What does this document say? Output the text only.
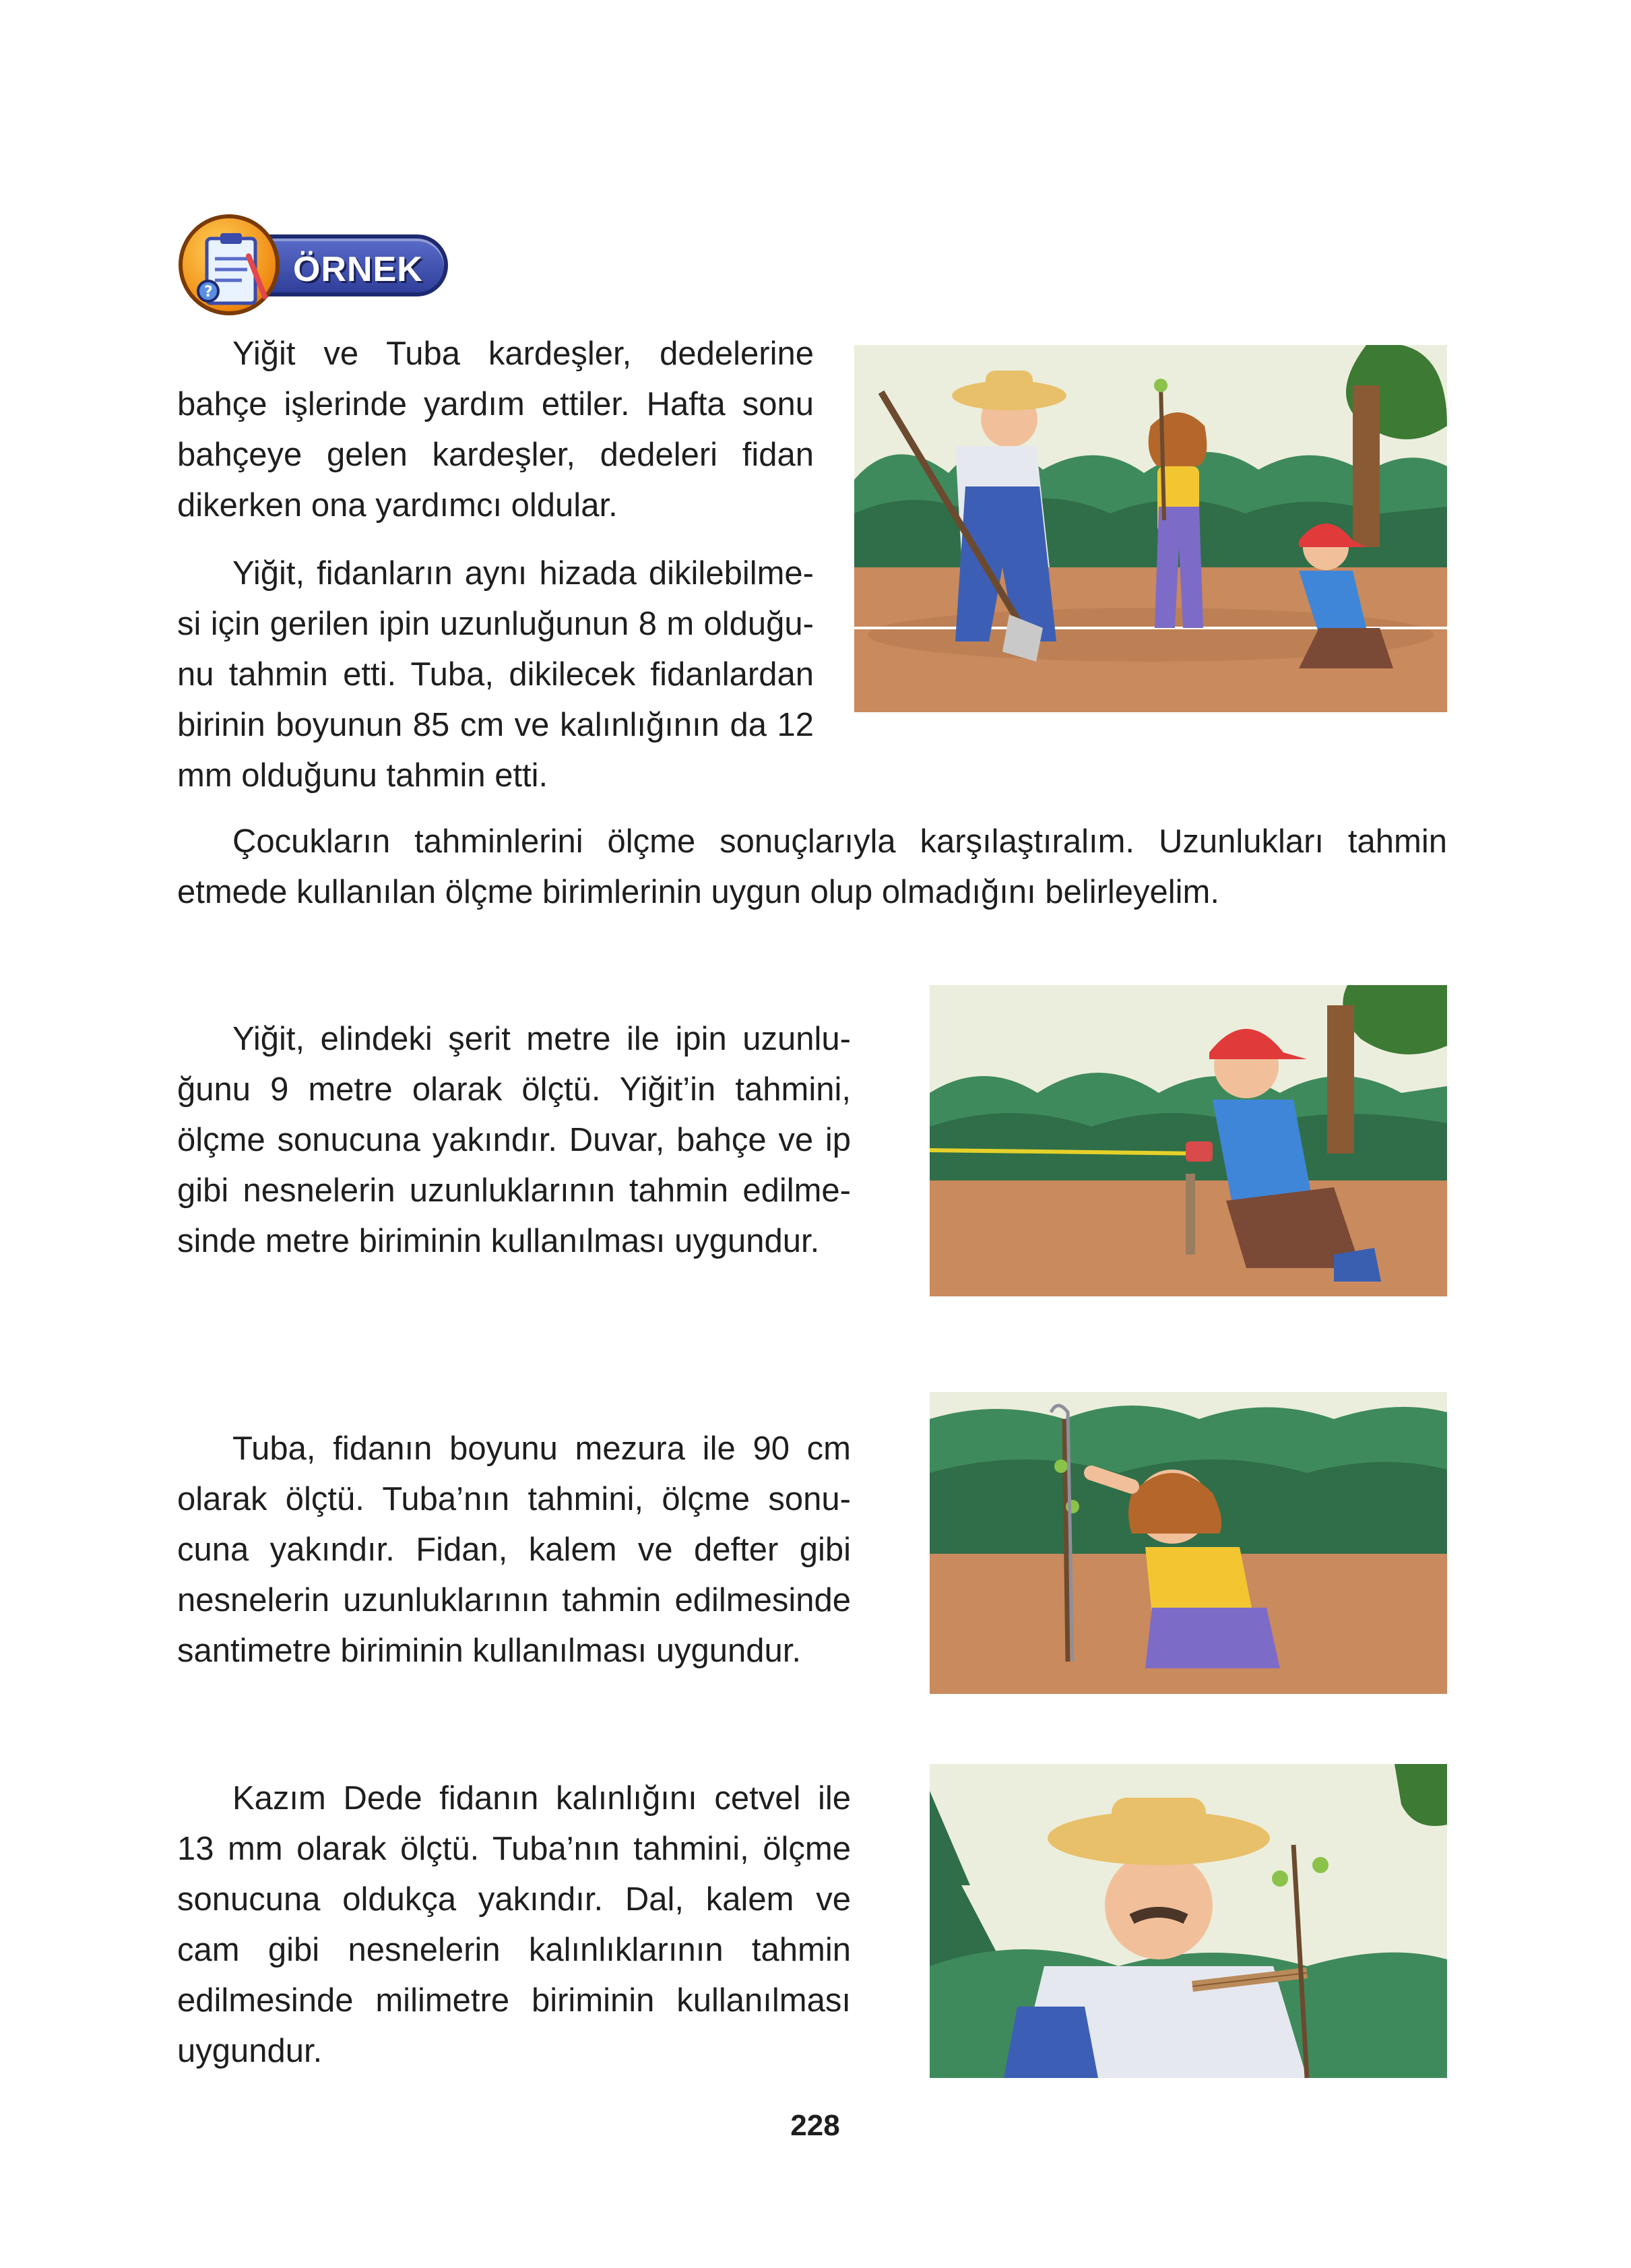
ÖRNEK
?

Yiğit ve Tuba kardeşler, dedelerine bahçe işlerinde yardım ettiler. Hafta sonu bahçeye gelen kardeşler, dedeleri fidan dikerken ona yardımcı oldular.

Yiğit, fidanların aynı hizada dikilebilmesi için gerilen ipin uzunluğunun 8 m olduğunu tahmin etti. Tuba, dikilecek fidanlardan birinin boyunun 85 cm ve kalınlığının da 12 mm olduğunu tahmin etti.

Çocukların tahminlerini ölçme sonuçlarıyla karşılaştıralım. Uzunlukları tahmin etmede kullanılan ölçme birimlerinin uygun olup olmadığını belirleyelim.

Yiğit, elindeki şerit metre ile ipin uzunluğunu 9 metre olarak ölçtü. Yiğit’in tahmini, ölçme sonucuna yakındır. Duvar, bahçe ve ip gibi nesnelerin uzunluklarının tahmin edilmesinde metre biriminin kullanılması uygundur.

Tuba, fidanın boyunu mezura ile 90 cm olarak ölçtü. Tuba’nın tahmini, ölçme sonucuna yakındır. Fidan, kalem ve defter gibi nesnelerin uzunluklarının tahmin edilmesinde santimetre biriminin kullanılması uygundur.

Kazım Dede fidanın kalınlığını cetvel ile 13 mm olarak ölçtü. Tuba’nın tahmini, ölçme sonucuna oldukça yakındır. Dal, kalem ve cam gibi nesnelerin kalınlıklarının tahmin edilmesinde milimetre biriminin kullanılması uygundur.

228
